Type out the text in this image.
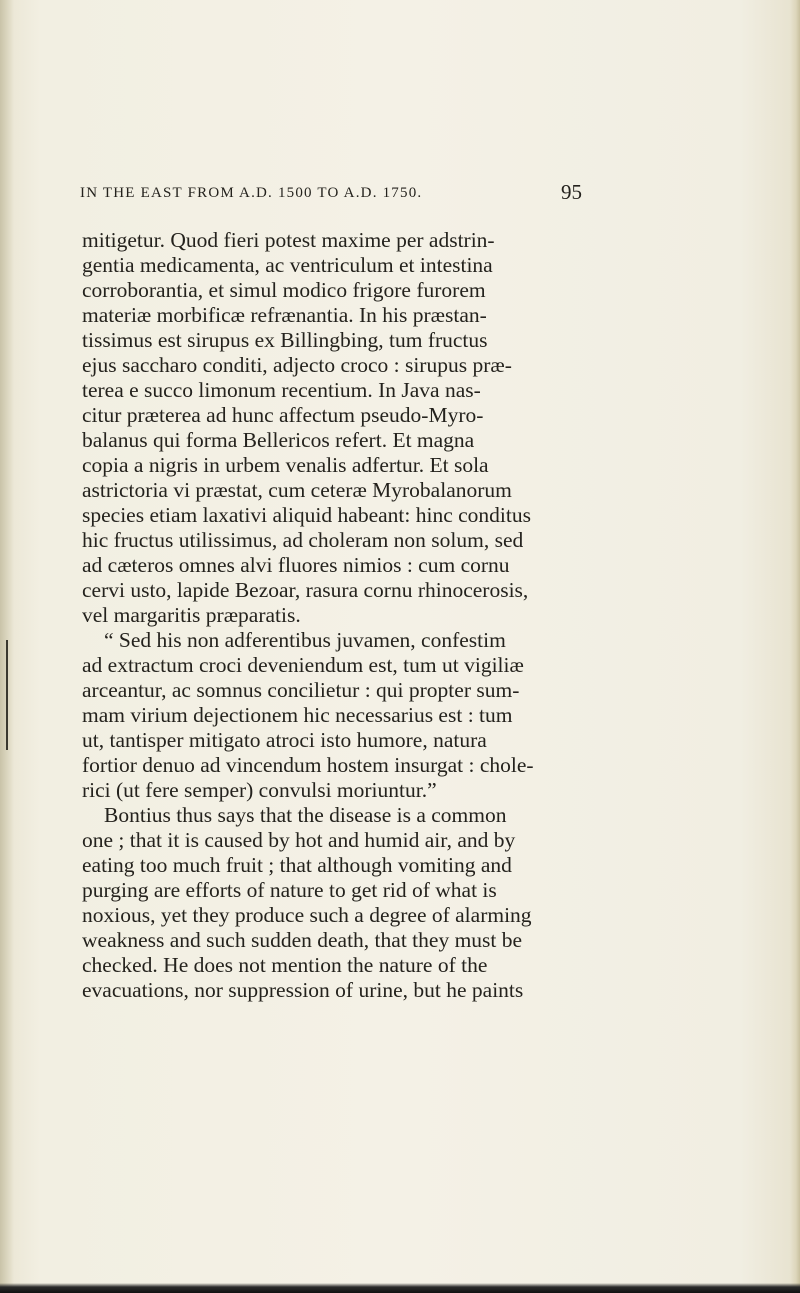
IN THE EAST FROM A.D. 1500 TO A.D. 1750.	95
mitigetur. Quod fieri potest maxime per adstrin-
gentia medicamenta, ac ventriculum et intestina
corroborantia, et simul modico frigore furorem
materiæ morbificæ refrænantia. In his præstan-
tissimus est sirupus ex Billingbing, tum fructus
ejus saccharo conditi, adjecto croco : sirupus præ-
terea e succo limonum recentium. In Java nas-
citur præterea ad hunc affectum pseudo-Myro-
balanus qui forma Bellericos refert. Et magna
copia a nigris in urbem venalis adfertur. Et sola
astrictoria vi præstat, cum ceteræ Myrobalanorum
species etiam laxativi aliquid habeant: hinc conditus
hic fructus utilissimus, ad choleram non solum, sed
ad cæteros omnes alvi fluores nimios : cum cornu
cervi usto, lapide Bezoar, rasura cornu rhinocerosis,
vel margaritis præparatis.
“ Sed his non adferentibus juvamen, confestim
ad extractum croci deveniendum est, tum ut vigiliæ
arceantur, ac somnus concilietur : qui propter sum-
mam virium dejectionem hic necessarius est : tum
ut, tantisper mitigato atroci isto humore, natura
fortior denuo ad vincendum hostem insurgat : chole-
rici (ut fere semper) convulsi moriuntur.”
Bontius thus says that the disease is a common
one ; that it is caused by hot and humid air, and by
eating too much fruit ; that although vomiting and
purging are efforts of nature to get rid of what is
noxious, yet they produce such a degree of alarming
weakness and such sudden death, that they must be
checked. He does not mention the nature of the
evacuations, nor suppression of urine, but he paints
